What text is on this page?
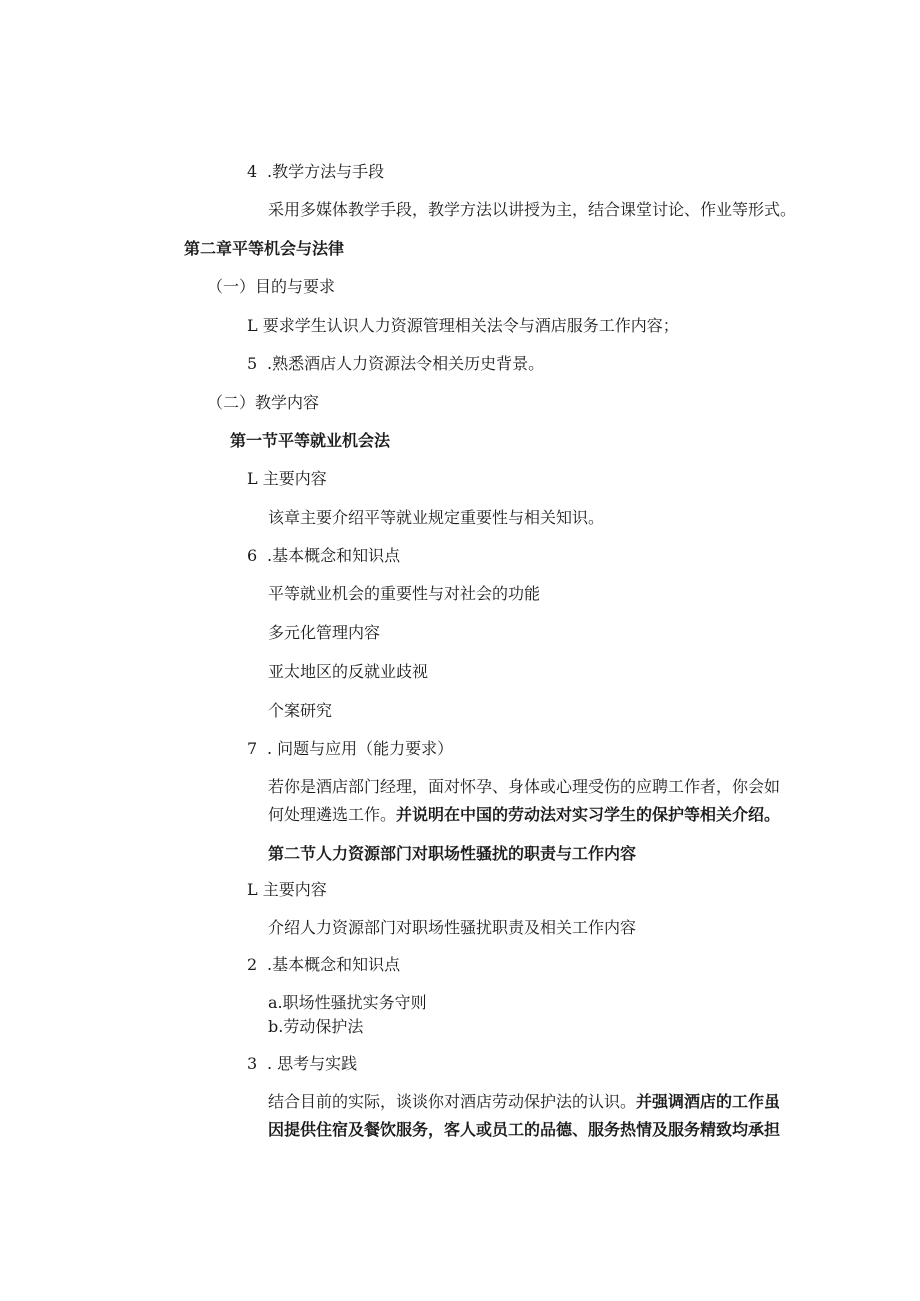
4 .教学方法与手段
采用多媒体教学手段，教学方法以讲授为主，结合课堂讨论、作业等形式。
第二章平等机会与法律
（一）目的与要求
L 要求学生认识人力资源管理相关法令与酒店服务工作内容；
5 .熟悉酒店人力资源法令相关历史背景。
（二）教学内容
第一节平等就业机会法
L 主要内容
该章主要介绍平等就业规定重要性与相关知识。
6 .基本概念和知识点
平等就业机会的重要性与对社会的功能
多元化管理内容
亚太地区的反就业歧视
个案研究
7 . 问题与应用（能力要求）
若你是酒店部门经理，面对怀孕、身体或心理受伤的应聘工作者，你会如
何处理遴选工作。并说明在中国的劳动法对实习学生的保护等相关介绍。
第二节人力资源部门对职场性骚扰的职责与工作内容
L 主要内容
介绍人力资源部门对职场性骚扰职责及相关工作内容
2 .基本概念和知识点
a.职场性骚扰实务守则
b.劳动保护法
3 . 思考与实践
结合目前的实际，谈谈你对酒店劳动保护法的认识。并强调酒店的工作虽
因提供住宿及餐饮服务，客人或员工的品德、服务热情及服务精致均承担
